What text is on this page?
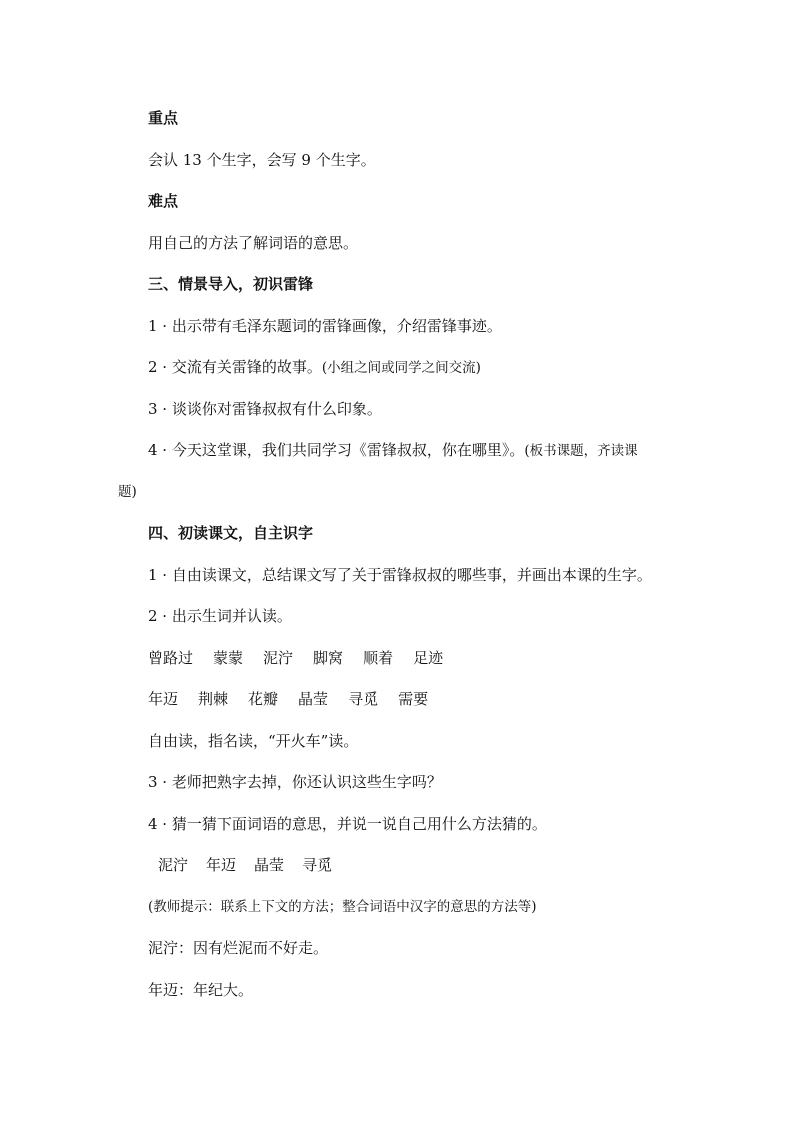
重点
会认 13 个生字，会写 9 个生字。
难点
用自己的方法了解词语的意思。
三、情景导入，初识雷锋
1 · 出示带有毛泽东题词的雷锋画像，介绍雷锋事迹。
2 · 交流有关雷锋的故事。(小组之间或同学之间交流)
3 · 谈谈你对雷锋叔叔有什么印象。
4 · 今天这堂课，我们共同学习《雷锋叔叔，你在哪里》。(板书课题，齐读课
题)
四、初读课文，自主识字
1 · 自由读课文，总结课文写了关于雷锋叔叔的哪些事，并画出本课的生字。
2 · 出示生词并认读。
曾路过 蒙蒙 泥泞 脚窝 顺着 足迹
年迈 荆棘 花瓣 晶莹 寻觅 需要
自由读，指名读，“开火车”读。
3 · 老师把熟字去掉，你还认识这些生字吗？
4 · 猜一猜下面词语的意思，并说一说自己用什么方法猜的。
泥泞 年迈 晶莹 寻觅
(教师提示：联系上下文的方法；整合词语中汉字的意思的方法等)
泥泞：因有烂泥而不好走。
年迈：年纪大。
